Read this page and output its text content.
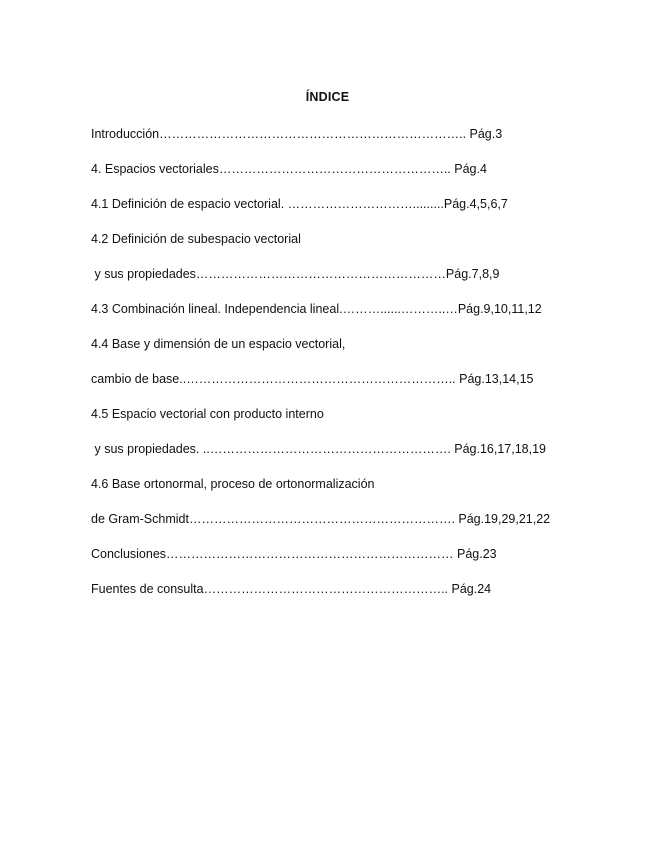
ÍNDICE
Introducción……………………………………………………………….. Pág.3
4. Espacios vectoriales……………………………………………….. Pág.4
4.1 Definición de espacio vectorial. ………………………….........Pág.4,5,6,7
4.2 Definición de subespacio vectorial
y sus propiedades……………………………………………………Pág.7,8,9
4.3 Combinación lineal. Independencia lineal.………......………..…Pág.9,10,11,12
4.4 Base y dimensión de un espacio vectorial,
cambio de base..……………………………………………………….. Pág.13,14,15
4.5 Espacio vectorial con producto interno
y sus propiedades. ..…………………………………………………. Pág.16,17,18,19
4.6 Base ortonormal, proceso de ortonormalización
de Gram-Schmidt………………………………………………………. Pág.19,29,21,22
Conclusiones…………………………………………………………… Pág.23
Fuentes de consulta………………………………………………….. Pág.24
